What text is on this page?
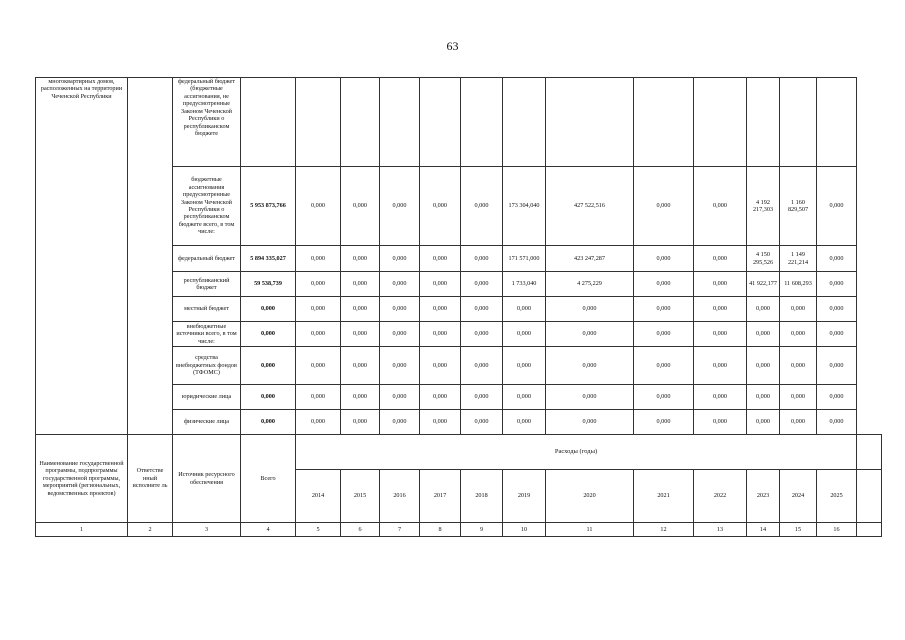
63
многоквартирных домов, расположенных на территории Чеченской Республики		федеральный бюджет (бюджетные ассигнования, не предусмотренные Законом Чеченской Республики о республиканском бюджете														
		бюджетные ассигнования предусмотренные Законом Чеченской Республики о республиканском бюджете всего, в том числе:	5 953 873,766	0,000	0,000	0,000	0,000	0,000	173 304,040	427 522,516	0,000	0,000	4 192 217,303	1 160 829,507	0,000	
		федеральный бюджет	5 894 335,027	0,000	0,000	0,000	0,000	0,000	171 571,000	423 247,287	0,000	0,000	4 150 295,526	1 149 221,214	0,000	
		республиканский бюджет	59 538,739	0,000	0,000	0,000	0,000	0,000	1 733,040	4 275,229	0,000	0,000	41 922,177	11 608,293	0,000	
		местный бюджет	0,000	0,000	0,000	0,000	0,000	0,000	0,000	0,000	0,000	0,000	0,000	0,000	0,000	
		внебюджетные источники всего, в том числе:	0,000	0,000	0,000	0,000	0,000	0,000	0,000	0,000	0,000	0,000	0,000	0,000	0,000	
		средства внебюджетных фондов (ТФОМС)	0,000	0,000	0,000	0,000	0,000	0,000	0,000	0,000	0,000	0,000	0,000	0,000	0,000	
		юридические лица	0,000	0,000	0,000	0,000	0,000	0,000	0,000	0,000	0,000	0,000	0,000	0,000	0,000	
		физические лица	0,000	0,000	0,000	0,000	0,000	0,000	0,000	0,000	0,000	0,000	0,000	0,000	0,000	
Наименование государственной программы, подпрограммы государственной программы, мероприятий (региональных, ведомственных проектов)	Ответстве нный исполните ль	Источник ресурсного обеспечения	Всего	Расходы (годы)												
				2014	2015	2016	2017	2018	2019	2020	2021	2022	2023	2024	2025	
1	2	3	4	5	6	7	8	9	10	11	12	13	14	15	16	
